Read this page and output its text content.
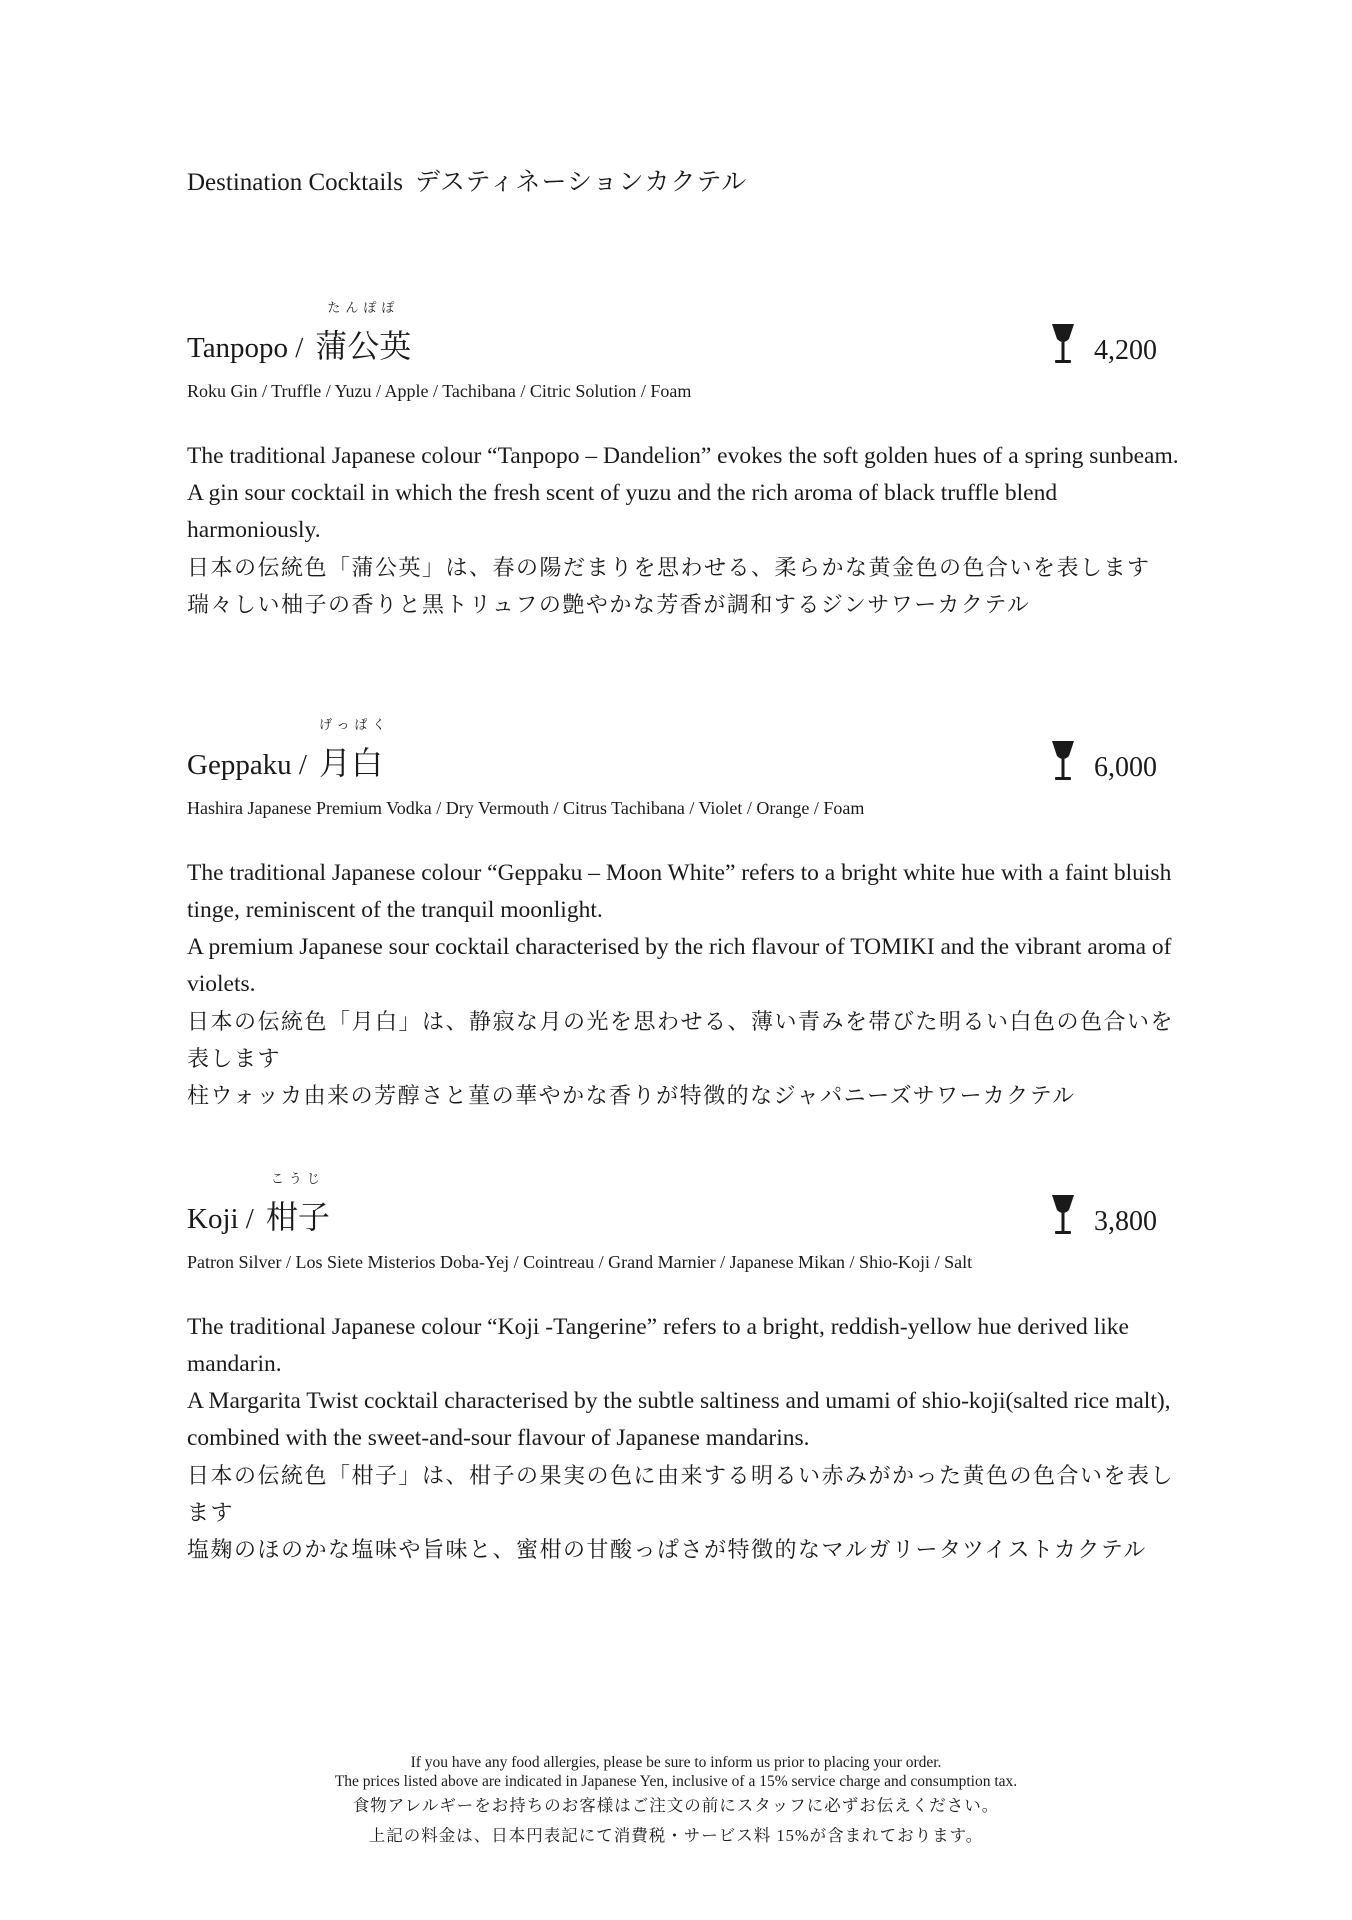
Destination Cocktails デスティネーションカクテル
Tanpopo /
たんぽぽ
蒲公英	4,200
Roku Gin / Truffle / Yuzu / Apple / Tachibana / Citric Solution / Foam

The traditional Japanese colour “Tanpopo – Dandelion” evokes the soft golden hues of a spring sunbeam.

A gin sour cocktail in which the fresh scent of yuzu and the rich aroma of black truffle blend harmoniously.

日本の伝統色「蒲公英」は、春の陽だまりを思わせる、柔らかな黄金色の色合いを表します

瑞々しい柚子の香りと黒トリュフの艶やかな芳香が調和するジンサワーカクテル

Geppaku /
げっぱく
月白	6,000
Hashira Japanese Premium Vodka / Dry Vermouth / Citrus Tachibana / Violet / Orange / Foam

The traditional Japanese colour “Geppaku – Moon White” refers to a bright white hue with a faint bluish tinge, reminiscent of the tranquil moonlight.

A premium Japanese sour cocktail characterised by the rich flavour of TOMIKI and the vibrant aroma of violets.

日本の伝統色「月白」は、静寂な月の光を思わせる、薄い青みを帯びた明るい白色の色合いを表します

柱ウォッカ由来の芳醇さと菫の華やかな香りが特徴的なジャパニーズサワーカクテル

Koji /
こうじ
柑子	3,800
Patron Silver / Los Siete Misterios Doba-Yej / Cointreau / Grand Marnier / Japanese Mikan / Shio-Koji / Salt

The traditional Japanese colour “Koji -Tangerine” refers to a bright, reddish-yellow hue derived like mandarin.

A Margarita Twist cocktail characterised by the subtle saltiness and umami of shio-koji(salted rice malt), combined with the sweet-and-sour flavour of Japanese mandarins.

日本の伝統色「柑子」は、柑子の果実の色に由来する明るい赤みがかった黄色の色合いを表します

塩麹のほのかな塩味や旨味と、蜜柑の甘酸っぱさが特徴的なマルガリータツイストカクテル

If you have any food allergies, please be sure to inform us prior to placing your order.
The prices listed above are indicated in Japanese Yen, inclusive of a 15% service charge and consumption tax.
食物アレルギーをお持ちのお客様はご注文の前にスタッフに必ずお伝えください。
上記の料金は、日本円表記にて消費税・サービス料 15%が含まれております。
